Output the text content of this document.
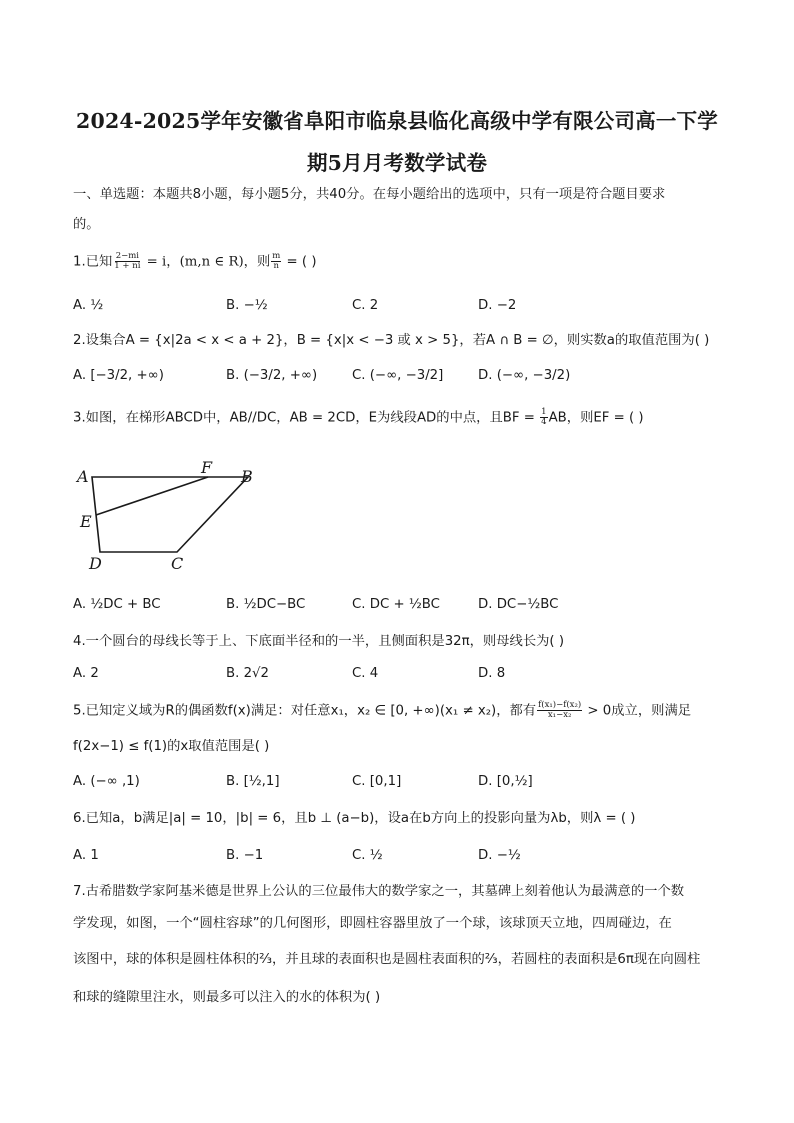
2024-2025学年安徽省阜阳市临泉县临化高级中学有限公司高一下学
期5月月考数学试卷
一、单选题：本题共8小题，每小题5分，共40分。在每小题给出的选项中，只有一项是符合题目要求
的。
1.已知 $\frac{2-mi}{1 + ni} = i$，(m,n ∈ R)，则 $\frac{m}{n}$ = ( )
A. ½	B. −½	C. 2	D. −2
2.设集合A = {x|2a < x < a + 2}，B = {x|x < −3 或 x > 5}，若A ∩ B = ∅，则实数a的取值范围为( )
A. [−3/2, +∞)	B. (−3/2, +∞)	C. (−∞, −3/2]	D. (−∞, −3/2)
3.如图，在梯形ABCD中，AB//DC，AB = 2CD，E为线段AD的中点，且BF = $\frac{1}{4}$ AB，则EF = ( )
A	F B
E
D	C
A. ½DC + BC	B. ½DC−BC	C. DC + ½BC	D. DC−½BC
4.一个圆台的母线长等于上、下底面半径和的一半，且侧面积是32π，则母线长为( )
A. 2	B. 2√2	C. 4	D. 8
5.已知定义域为R的偶函数f(x)满足：对任意x₁，x₂ ∈ [0, +∞)(x₁ ≠ x₂)，都有 $\frac{\text{f(x₁)−f(x₂)}}{\text{x₁−x₂}} > 0$成立，则满足
f(2x−1) ≤ f(1)的x取值范围是( )
A. (−∞ ,1)	B. [½,1]	C. [0,1]	D. [0,½]
6.已知a，b满足|a| = 10，|b| = 6，且b ⊥ (a−b)，设a在b方向上的投影向量为λb，则λ = ( )
A. 1	B. −1	C. ½	D. −½
7.古希腊数学家阿基米德是世界上公认的三位最伟大的数学家之一，其墓碑上刻着他认为最满意的一个数
学发现，如图，一个“圆柱容球”的几何图形，即圆柱容器里放了一个球，该球顶天立地，四周碰边，在
该图中，球的体积是圆柱体积的⅔，并且球的表面积也是圆柱表面积的⅔，若圆柱的表面积是6π现在向圆柱
和球的缝隙里注水，则最多可以注入的水的体积为( )
